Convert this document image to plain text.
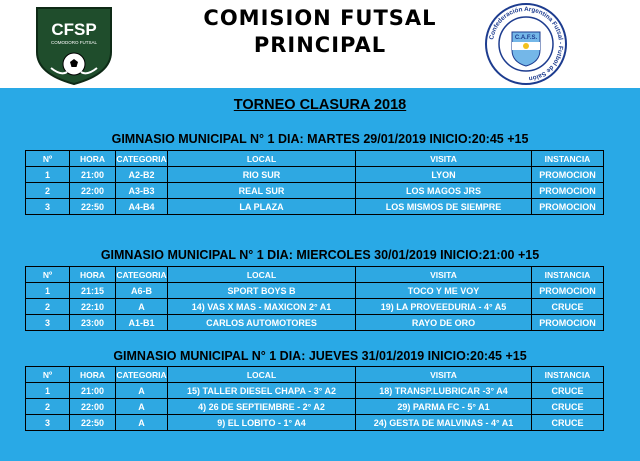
CFSP
COMODORO FUTSAL
COMISION FUTSAL
PRINCIPAL	Confederación Argentina Futsal - Futbol de Salón
C.A.F.S.
TORNEO CLASURA 2018
GIMNASIO MUNICIPAL N° 1 DIA: MARTES 29/01/2019 INICIO:20:45 +15
Nº	HORA	CATEGORIA	LOCAL	VISITA	INSTANCIA
1	21:00	A2-B2	RIO SUR	LYON	PROMOCION
2	22:00	A3-B3	REAL SUR	LOS MAGOS JRS	PROMOCION
3	22:50	A4-B4	LA PLAZA	LOS MISMOS DE SIEMPRE	PROMOCION
GIMNASIO MUNICIPAL N° 1 DIA: MIERCOLES 30/01/2019 INICIO:21:00 +15
Nº	HORA	CATEGORIA	LOCAL	VISITA	INSTANCIA
1	21:15	A6-B	SPORT BOYS B	TOCO Y ME VOY	PROMOCION
2	22:10	A	14) VAS X MAS - MAXICON 2° A1	19) LA PROVEEDURIA - 4° A5	CRUCE
3	23:00	A1-B1	CARLOS AUTOMOTORES	RAYO DE ORO	PROMOCION
GIMNASIO MUNICIPAL N° 1 DIA: JUEVES 31/01/2019 INICIO:20:45 +15
Nº	HORA	CATEGORIA	LOCAL	VISITA	INSTANCIA
1	21:00	A	15) TALLER DIESEL CHAPA - 3° A2	18) TRANSP.LUBRICAR -3° A4	CRUCE
2	22:00	A	4) 26 DE SEPTIEMBRE - 2° A2	29) PARMA FC - 5° A1	CRUCE
3	22:50	A	9) EL LOBITO - 1° A4	24) GESTA DE MALVINAS - 4° A1	CRUCE
